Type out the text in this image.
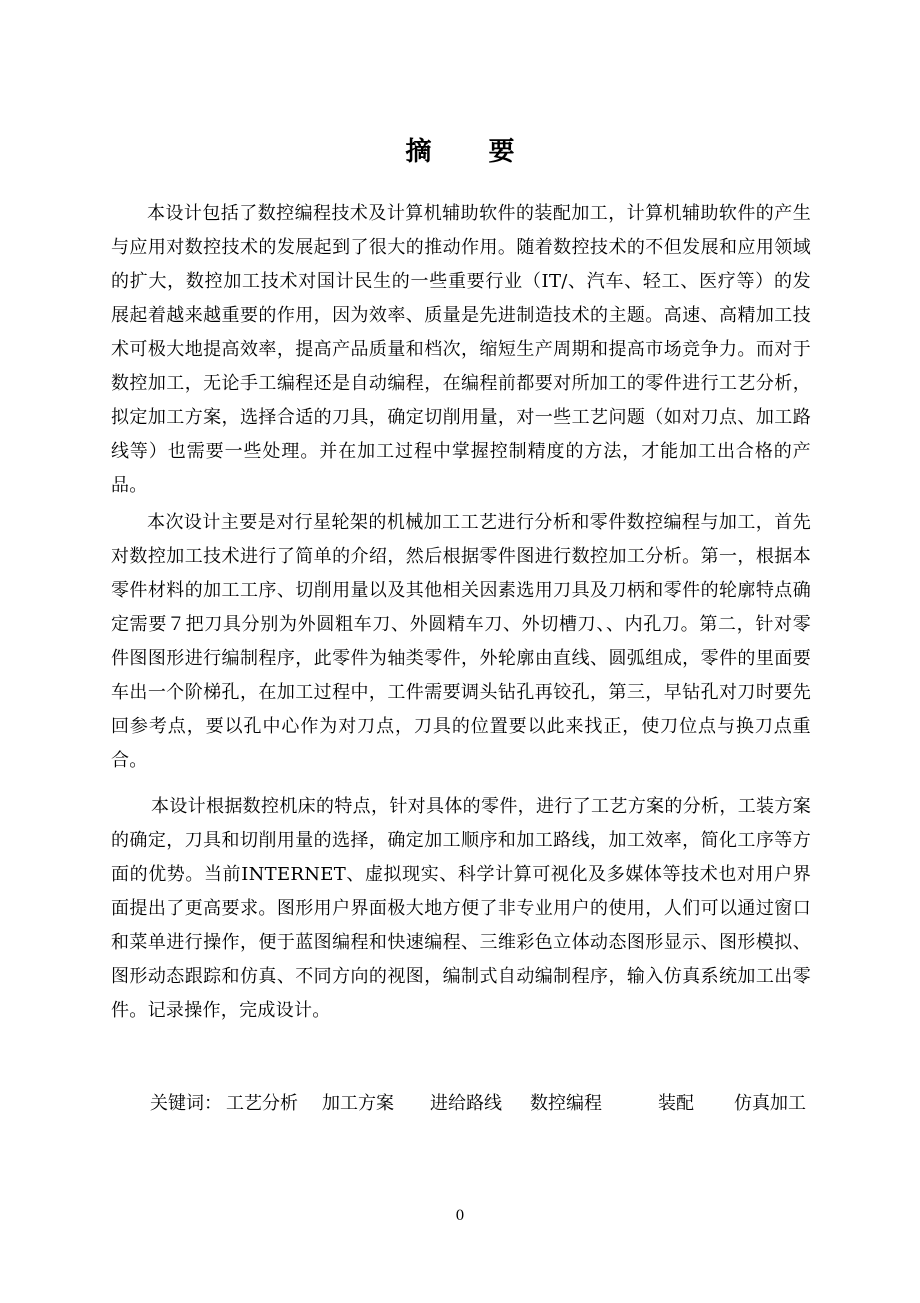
摘 要

本设计包括了数控编程技术及计算机辅助软件的装配加工，计算机辅助软件的产生与应用对数控技术的发展起到了很大的推动作用。随着数控技术的不但发展和应用领域的扩大，数控加工技术对国计民生的一些重要行业（IT/、汽车、轻工、医疗等）的发展起着越来越重要的作用，因为效率、质量是先进制造技术的主题。高速、高精加工技术可极大地提高效率，提高产品质量和档次，缩短生产周期和提高市场竞争力。而对于数控加工，无论手工编程还是自动编程，在编程前都要对所加工的零件进行工艺分析，拟定加工方案，选择合适的刀具，确定切削用量，对一些工艺问题（如对刀点、加工路线等）也需要一些处理。并在加工过程中掌握控制精度的方法，才能加工出合格的产品。

本次设计主要是对行星轮架的机械加工工艺进行分析和零件数控编程与加工，首先对数控加工技术进行了简单的介绍，然后根据零件图进行数控加工分析。第一，根据本零件材料的加工工序、切削用量以及其他相关因素选用刀具及刀柄和零件的轮廓特点确定需要７把刀具分别为外圆粗车刀、外圆精车刀、外切槽刀、、内孔刀。第二，针对零件图图形进行编制程序，此零件为轴类零件，外轮廓由直线、圆弧组成，零件的里面要车出一个阶梯孔，在加工过程中，工件需要调头钻孔再铰孔，第三，早钻孔对刀时要先回参考点，要以孔中心作为对刀点，刀具的位置要以此来找正，使刀位点与换刀点重合。

本设计根据数控机床的特点，针对具体的零件，进行了工艺方案的分析，工装方案的确定，刀具和切削用量的选择，确定加工顺序和加工路线，加工效率，简化工序等方面的优势。当前INTERNET、虚拟现实、科学计算可视化及多媒体等技术也对用户界面提出了更高要求。图形用户界面极大地方便了非专业用户的使用，人们可以通过窗口和菜单进行操作，便于蓝图编程和快速编程、三维彩色立体动态图形显示、图形模拟、图形动态跟踪和仿真、不同方向的视图，编制式自动编制程序，输入仿真系统加工出零件。记录操作，完成设计。

关键词： 工艺分析 加工方案 进给路线 数控编程	装配 仿真加工
0
